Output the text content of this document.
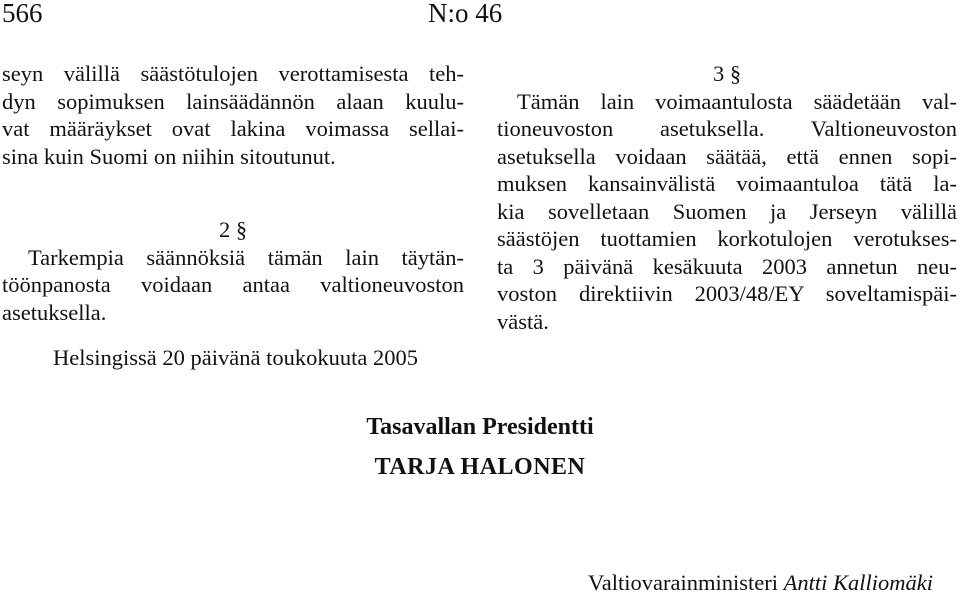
566	N:o 46
seyn välillä säästötulojen verottamisesta teh-
dyn sopimuksen lainsäädännön alaan kuulu-
vat määräykset ovat lakina voimassa sellai-
sina kuin Suomi on niihin sitoutunut.
2 §
Tarkempia säännöksiä tämän lain täytän-
töönpanosta voidaan antaa valtioneuvoston
asetuksella.
3 §
Tämän lain voimaantulosta säädetään val-
tioneuvoston asetuksella. Valtioneuvoston
asetuksella voidaan säätää, että ennen sopi-
muksen kansainvälistä voimaantuloa tätä la-
kia sovelletaan Suomen ja Jerseyn välillä
säästöjen tuottamien korkotulojen verotukses-
ta 3 päivänä kesäkuuta 2003 annetun neu-
voston direktiivin 2003/48/EY soveltamispäi-
västä.
Helsingissä 20 päivänä toukokuuta 2005
Tasavallan Presidentti
TARJA HALONEN
Valtiovarainministeri Antti Kalliomäki
